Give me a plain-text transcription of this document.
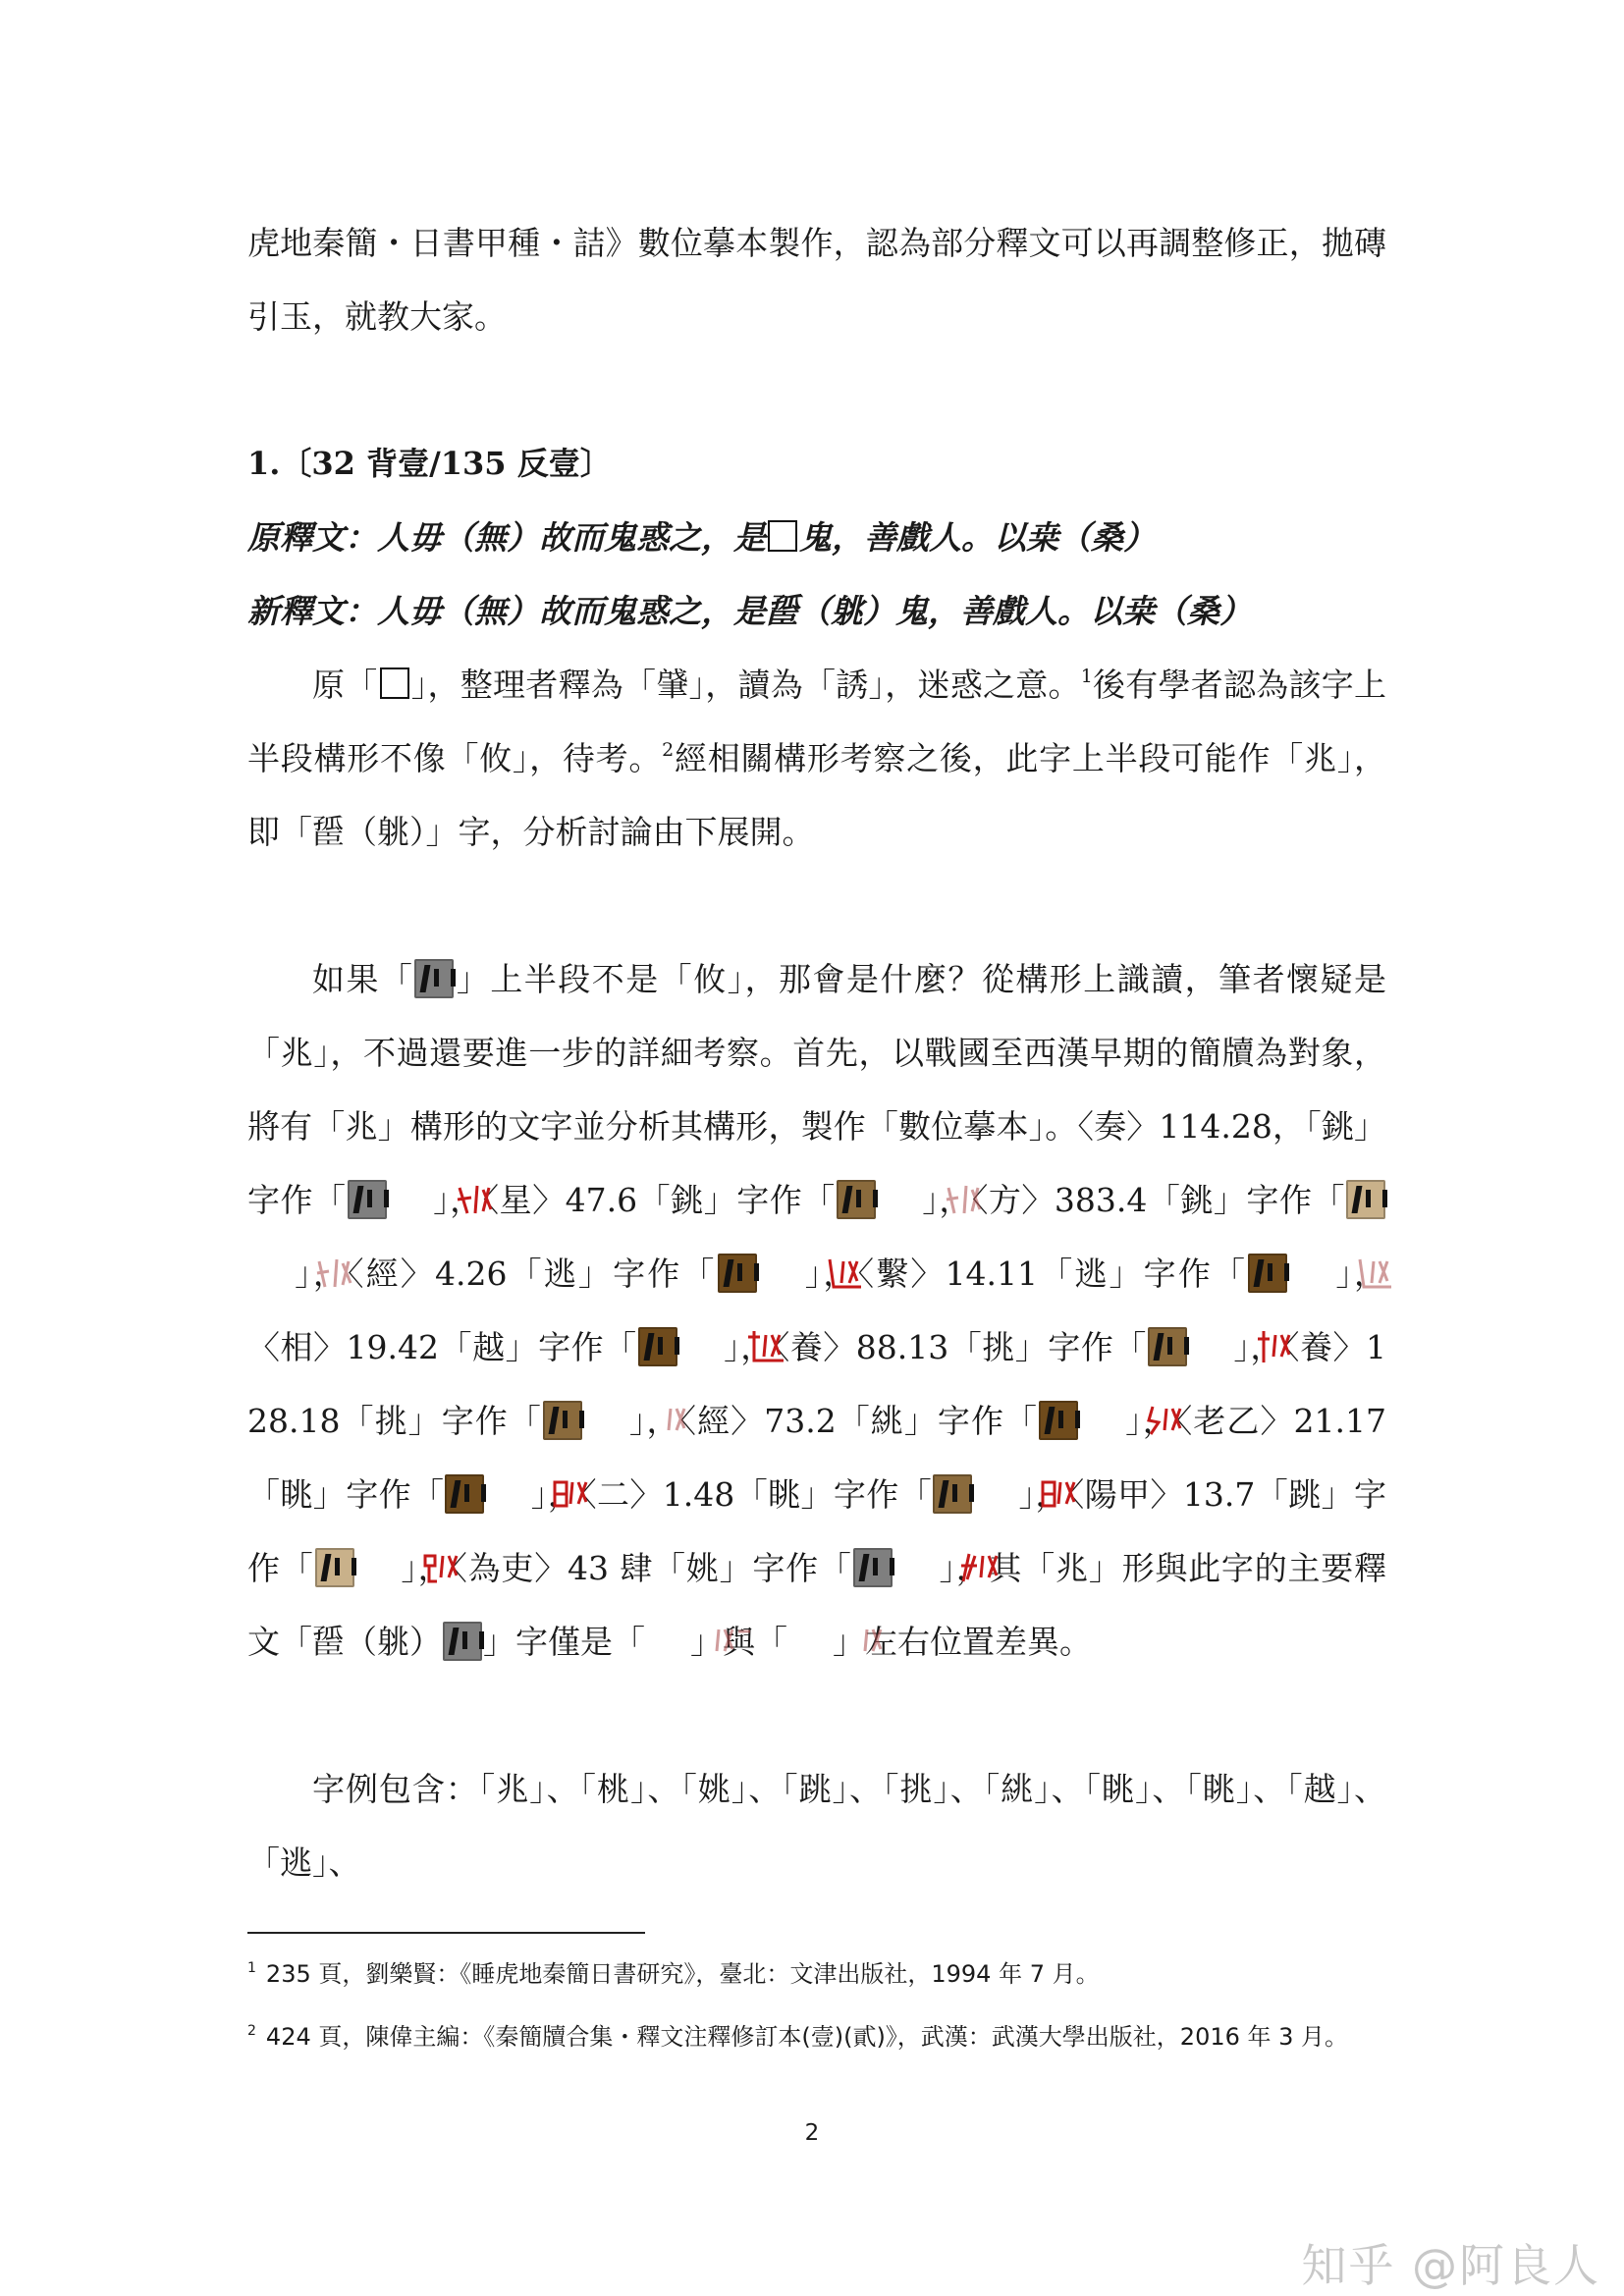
虎地秦簡・日書甲種・詰》數位摹本製作，認為部分釋文可以再調整修正，拋磚 引玉，就教大家。

1.〔32 背壹/135 反壹〕

原釋文：人毋（無）故而鬼惑之，是 鬼，善戲人。以桒（桑）

新釋文：人毋（無）故而鬼惑之，是𦣮（䠷）鬼，善戲人。以桒（桑）

原「 」，整理者釋為「肈」，讀為「誘」，迷惑之意。$^1$後有學者認為該字上半段構形不像「攸」，待考。$^2$經相關構形考察之後，此字上半段可能作「兆」，即「𦣮（䠷）」字，分析討論由下展開。

如果「 」上半段不是「攸」，那會是什麼？從構形上識讀，筆者懷疑是「兆」，不過還要進一步的詳細考察。首先，以戰國至西漢早期的簡牘為對象，將有「兆」構形的文字並分析其構形，製作「數位摹本」。〈奏〉114.28，「銚」字作「	」，〈星〉47.6「銚」字作「	」，〈方〉383.4「銚」字作「」，〈經〉4.26「逃」字作「	」，〈繫〉14.11「逃」字作「	」，〈相〉19.42「越」字作「	」，〈養〉88.13「挑」字作「	」，〈養〉128.18「挑」字作「	」，〈經〉73.2「絩」字作「	」，〈老乙〉21.17「眺」字作「	」，〈二〉1.48「眺」字作「	」，〈陽甲〉13.7「跳」字作「	」，〈為吏〉43 肆「姚」字作「	」，其「兆」形與此字的主要釋文「𦣮（䠷） 」字僅是「 」與「 」左右位置差異。

字例包含：「兆」、「桃」、「姚」、「跳」、「挑」、「絩」、「眺」、「眺」、「越」、「逃」、

$^1$ 235 頁，劉樂賢：《睡虎地秦簡日書研究》，臺北：文津出版社，1994 年 7 月。

$^2$ 424 頁，陳偉主編：《秦簡牘合集・釋文注釋修訂本(壹)(貳)》，武漢：武漢大學出版社，2016 年 3 月。

2
知乎 @阿良人
